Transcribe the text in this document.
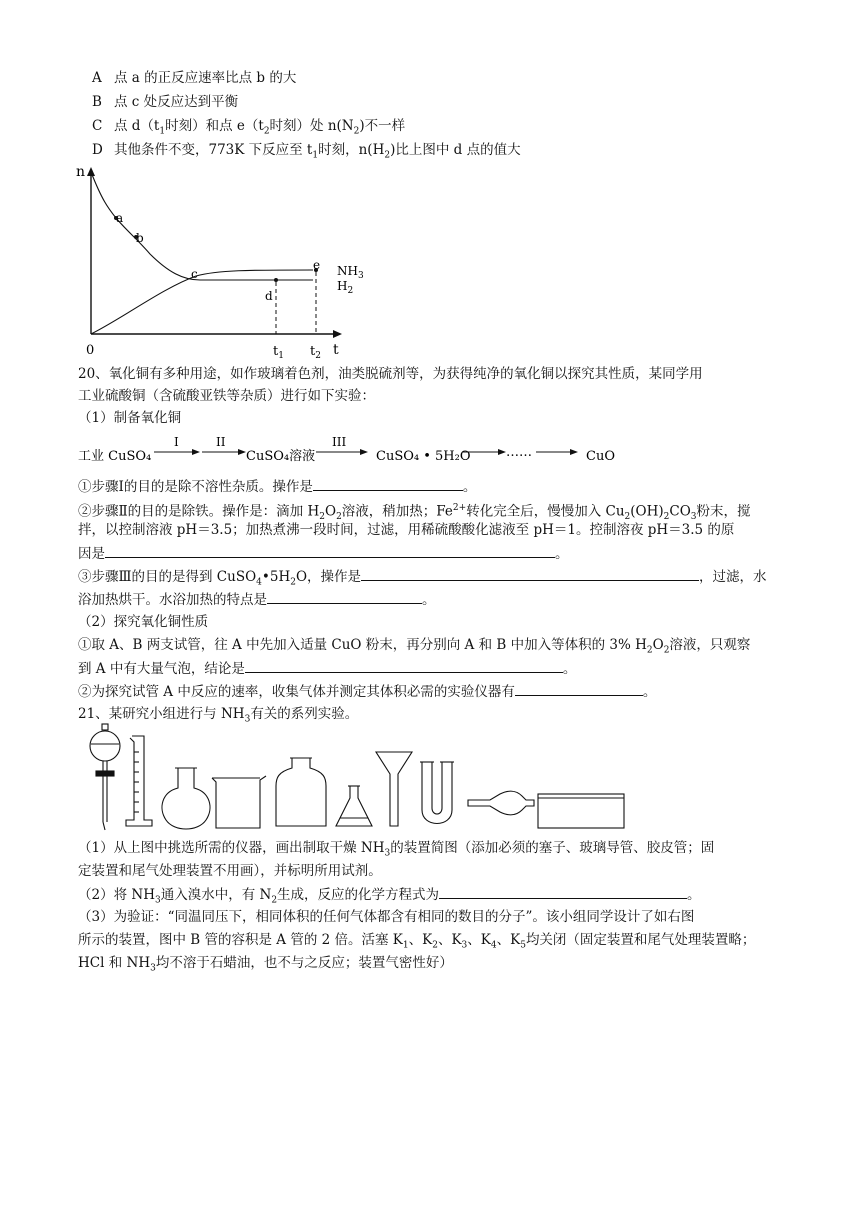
A 点 a 的正反应速率比点 b 的大
B 点 c 处反应达到平衡
C 点 $d(t_1$时刻）和点 $e(t_2$时刻）处 $n(N_2)$不一样
D 其他条件不变，773K 下反应至 $t_1$时刻，$n(H_2)$比上图中 d 点的值大
n
t
0
a
b
c
d
e
$t_1$ $t_2$
$NH_3$
$H_2$
20、氧化铜有多种用途，如作玻璃着色剂，油类脱硫剂等，为获得纯净的氧化铜以探究其性质，某同学用
工业硫酸铜（含硫酸亚铁等杂质）进行如下实验：
（1）制备氧化铜
工业 CuSO₄
I	II
CuSO₄溶液
III
CuSO₄ • 5H₂O	……	CuO
①步骤Ⅰ的目的是除不溶性杂质。操作是	。
②步骤Ⅱ的目的是除铁。操作是：滴加 $H_2O_2$溶液，稍加热；$Fe^{2+}$转化完全后，慢慢加入 $Cu_2(OH)_2CO_3$粉末，搅
拌，以控制溶液 pH＝3.5；加热煮沸一段时间，过滤，用稀硫酸酸化滤液至 pH＝1。控制溶夜 pH＝3.5 的原
因是	。
③步骤Ⅲ的目的是得到 $CuSO_4•5H_2O$，操作是	，过滤，水
浴加热烘干。水浴加热的特点是	。
（2）探究氧化铜性质
①取 A、B 两支试管，往 A 中先加入适量 CuO 粉末，再分别向 A 和 B 中加入等体积的 3% $H_2O_2$溶液，只观察
到 A 中有大量气泡，结论是	。
②为探究试管 A 中反应的速率，收集气体并测定其体积必需的实验仪器有	。
21、某研究小组进行与 $NH_3$有关的系列实验。
（1）从上图中挑选所需的仪器，画出制取干燥 $NH_3$的装置简图（添加必须的塞子、玻璃导管、胶皮管；固
定装置和尾气处理装置不用画），并标明所用试剂。
（2）将 $NH_3$通入溴水中，有 $N_2$生成，反应的化学方程式为	。
（3）为验证：“同温同压下，相同体积的任何气体都含有相同的数目的分子”。该小组同学设计了如右图
所示的装置，图中 B 管的容积是 A 管的 2 倍。活塞 $K_1$、$K_2$、$K_3$、$K_4$、$K_5$均关闭（固定装置和尾气处理装置略；
HCl 和 $NH_3$均不溶于石蜡油，也不与之反应；装置气密性好）
